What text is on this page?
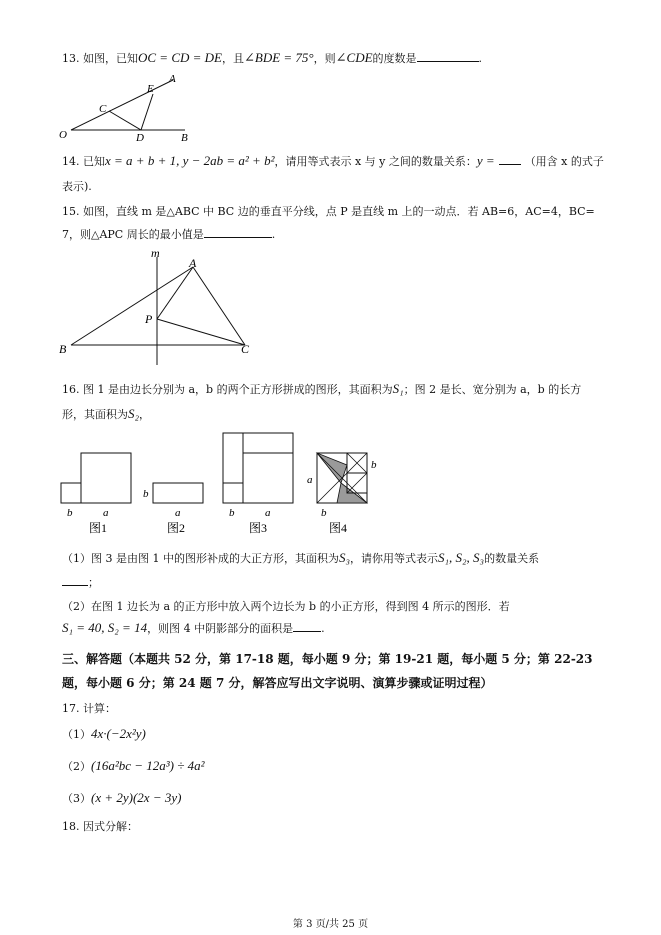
13. 如图，已知OC = CD = DE，且∠BDE = 75°，则∠CDE的度数是	.
O
C
E
A
D	B
14. 已知x = a + b + 1, y − 2ab = a² + b²，请用等式表示 x 与 y 之间的数量关系：y =	（用含 x 的式子
表示).
15. 如图，直线 m 是△ABC 中 BC 边的垂直平分线，点 P 是直线 m 上的一动点．若 AB=6，AC=4，BC=
7，则△APC 周长的最小值是	.
m
A
P
B	C
16. 图 1 是由边长分别为 a，b 的两个正方形拼成的图形，其面积为S₁；图 2 是长、宽分别为 a，b 的长方
形，其面积为S₂，
b	a
图1
b
a
图2
b	a
图3
a
b
b
图4
（1）图 3 是由图 1 中的图形补成的大正方形，其面积为S₃，请你用等式表示S₁, S₂, S₃的数量关系
；
（2）在图 1 边长为 a 的正方形中放入两个边长为 b 的小正方形，得到图 4 所示的图形．若
S₁ = 40, S₂ = 14，则图 4 中阴影部分的面积是	.
三、解答题（本题共 52 分，第 17-18 题，每小题 9 分；第 19-21 题，每小题 5 分；第 22-23
题，每小题 6 分；第 24 题 7 分，解答应写出文字说明、演算步骤或证明过程）
17. 计算：
（1）4x·(−2x²y)
（2）(16a²bc − 12a³) ÷ 4a²
（3）(x + 2y)(2x − 3y)
18. 因式分解：
第 3 页/共 25 页
